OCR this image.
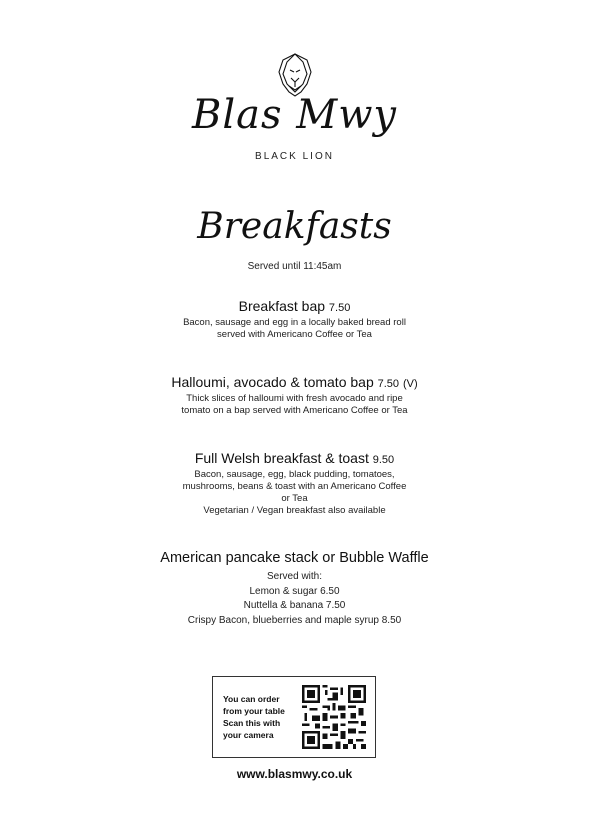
Blas Mwy
BLACK LION
Breakfasts
Served until 11:45am
Breakfast bap 7.50
Bacon, sausage and egg in a locally baked bread roll
served with Americano Coffee or Tea
Halloumi, avocado & tomato bap 7.50 (V)
Thick slices of halloumi with fresh avocado and ripe
tomato on a bap served with Americano Coffee or Tea
Full Welsh breakfast & toast 9.50
Bacon, sausage, egg, black pudding, tomatoes,
mushrooms, beans & toast with an Americano Coffee
or Tea
Vegetarian / Vegan breakfast also available
American pancake stack or Bubble Waffle
Served with:
Lemon & sugar 6.50
Nuttella & banana 7.50
Crispy Bacon, blueberries and maple syrup 8.50
You can order
from your table
Scan this with
your camera
www.blasmwy.co.uk
